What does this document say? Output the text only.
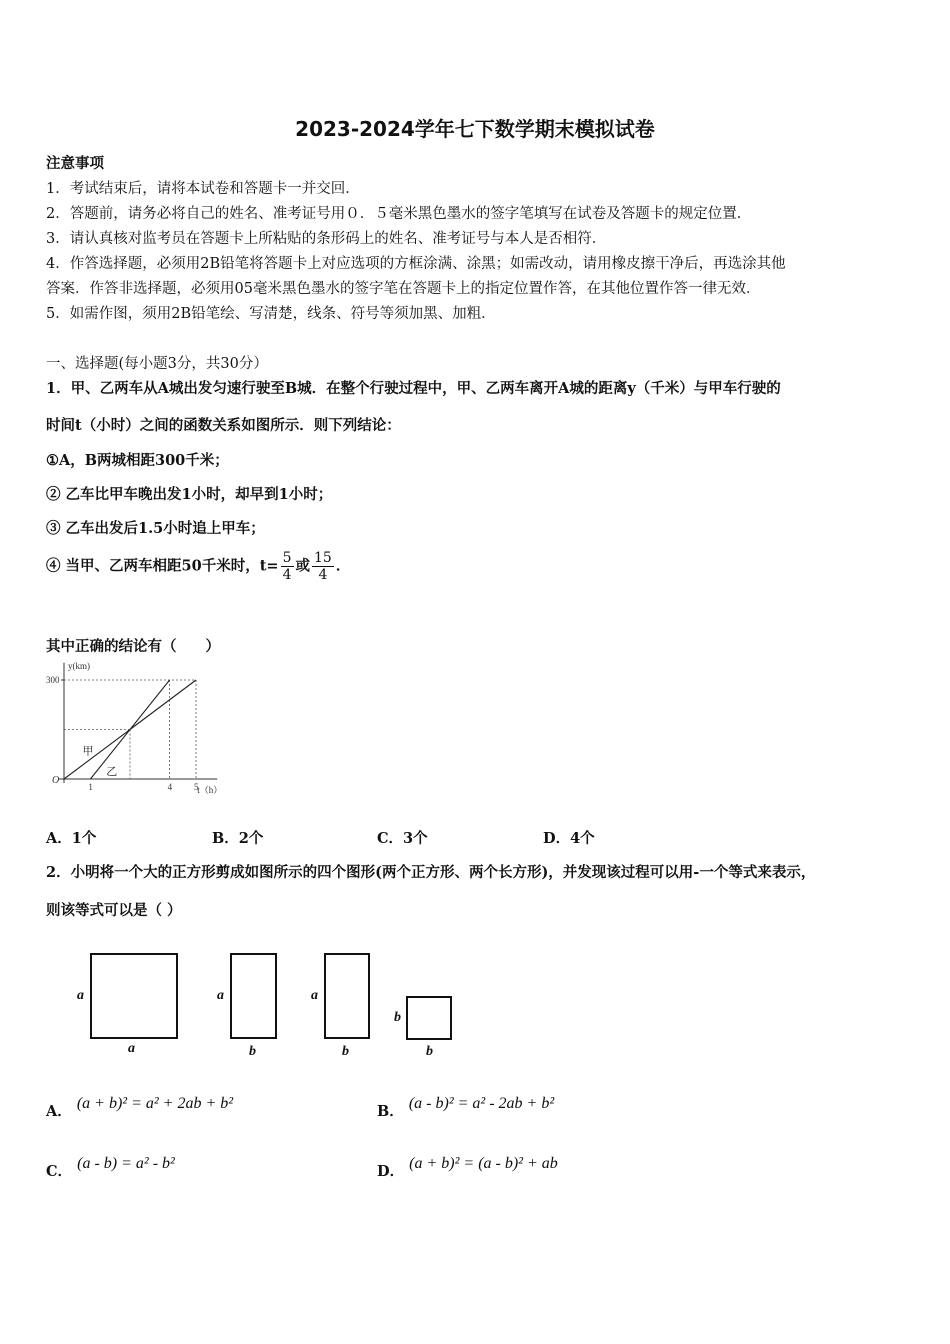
2023-2024学年七下数学期末模拟试卷
注意事项
1．考试结束后，请将本试卷和答题卡一并交回．
2．答题前，请务必将自己的姓名、准考证号用０．５毫米黑色墨水的签字笔填写在试卷及答题卡的规定位置．
3．请认真核对监考员在答题卡上所粘贴的条形码上的姓名、准考证号与本人是否相符．
4．作答选择题，必须用2B铅笔将答题卡上对应选项的方框涂满、涂黑；如需改动，请用橡皮擦干净后，再选涂其他
答案．作答非选择题，必须用05毫米黑色墨水的签字笔在答题卡上的指定位置作答，在其他位置作答一律无效．
5．如需作图，须用2B铅笔绘、写清楚，线条、符号等须加黑、加粗．
一、选择题(每小题3分，共30分）
1．甲、乙两车从A城出发匀速行驶至B城．在整个行驶过程中，甲、乙两车离开A城的距离y（千米）与甲车行驶的
时间t（小时）之间的函数关系如图所示．则下列结论：
①A，B两城相距300千米；
② 乙车比甲车晚出发1小时，却早到1小时；
③ 乙车出发后1.5小时追上甲车；
④ 当甲、乙两车相距50千米时，$t= \frac{5}{4}$ 或 $\frac{15}{4}$ ．
其中正确的结论有（　　）
y(km)
t（h）
O
甲
乙
300
1	4 5
A．1个	B．2个	C．3个	D．4个
2．小明将一个大的正方形剪成如图所示的四个图形(两个正方形、两个长方形)，并发现该过程可以用-一个等式来表示，
则该等式可以是（ ）
a
a
a
b
a
b
b
b
A． (a + b)² = a² + 2ab + b²	B． (a - b)² = a² - 2ab + b²
C． (a - b) = a² - b²	D． (a + b)² = (a - b)² + ab
